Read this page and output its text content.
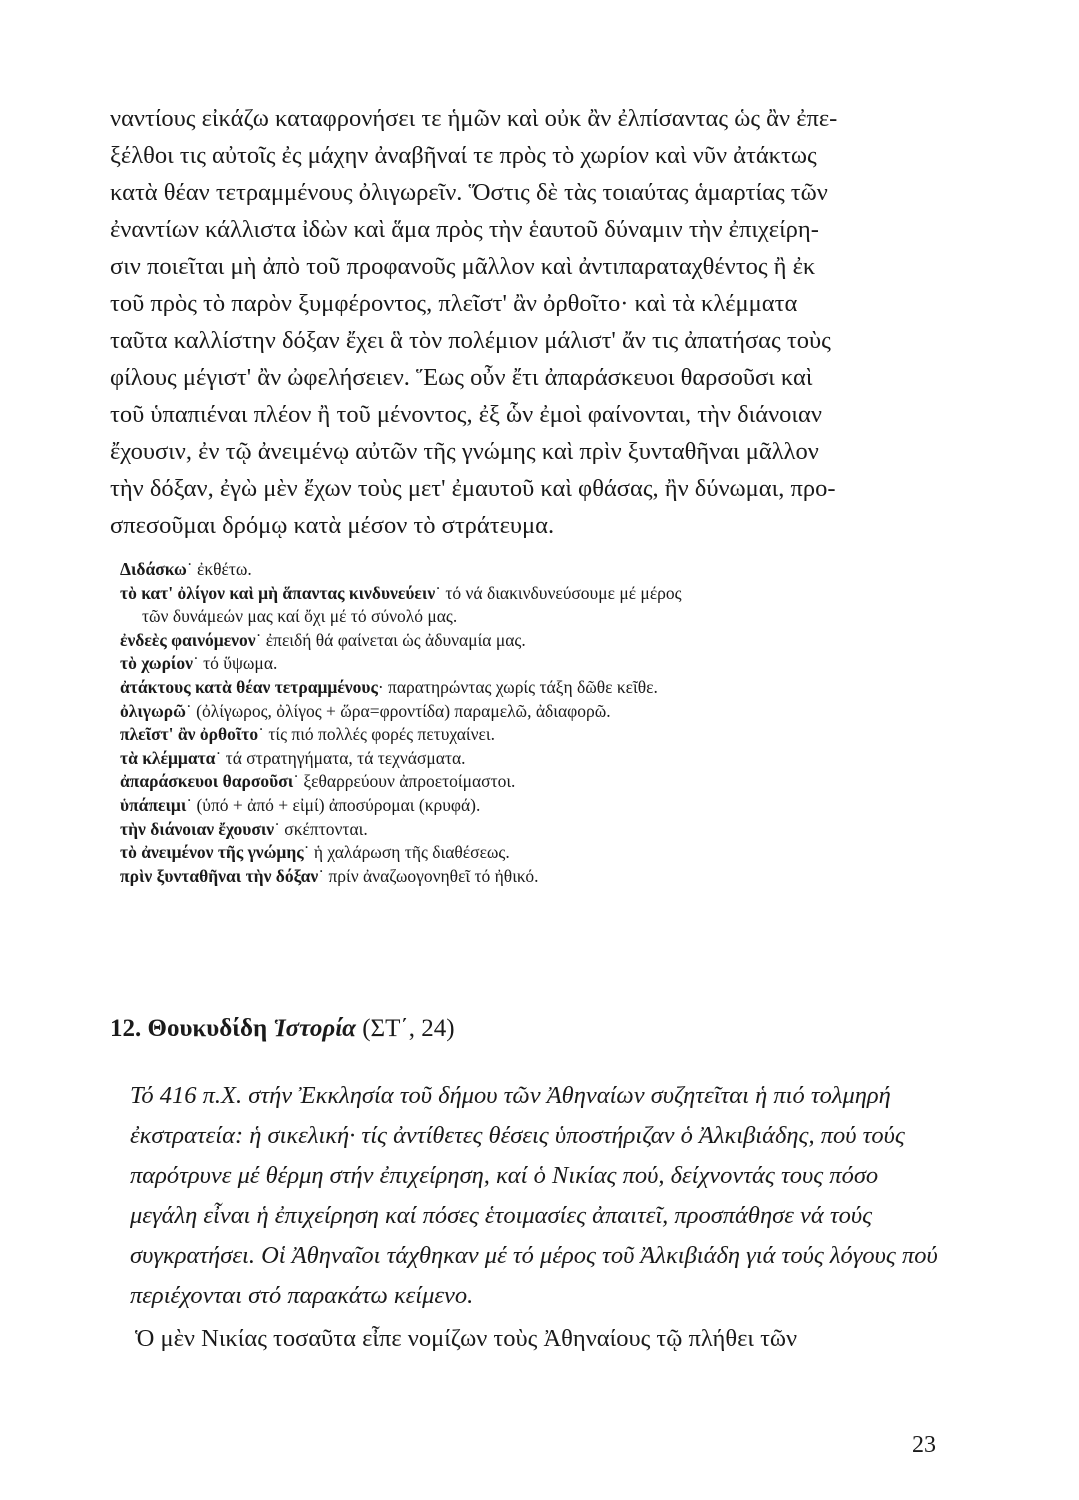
ναντίους εἰκάζω καταφρονήσει τε ἡμῶν καὶ οὐκ ἂν ἐλπίσαντας ὡς ἂν ἐπε-
ξέλθοι τις αὐτοῖς ἐς μάχην ἀναβῆναί τε πρὸς τὸ χωρίον καὶ νῦν ἀτάκτως
κατὰ θέαν τετραμμένους ὀλιγωρεῖν. Ὅστις δὲ τὰς τοιαύτας ἁμαρτίας τῶν
ἐναντίων κάλλιστα ἰδὼν καὶ ἅμα πρὸς τὴν ἑαυτοῦ δύναμιν τὴν ἐπιχείρη-
σιν ποιεῖται μὴ ἀπὸ τοῦ προφανοῦς μᾶλλον καὶ ἀντιπαραταχθέντος ἢ ἐκ
τοῦ πρὸς τὸ παρὸν ξυμφέροντος, πλεῖστ' ἂν ὀρθοῖτο· καὶ τὰ κλέμματα
ταῦτα καλλίστην δόξαν ἔχει ἃ τὸν πολέμιον μάλιστ' ἄν τις ἀπατήσας τοὺς
φίλους μέγιστ' ἂν ὠφελήσειεν. Ἕως οὖν ἔτι ἀπαράσκευοι θαρσοῦσι καὶ
τοῦ ὑπαπιέναι πλέον ἢ τοῦ μένοντος, ἐξ ὧν ἐμοὶ φαίνονται, τὴν διάνοιαν
ἔχουσιν, ἐν τῷ ἀνειμένῳ αὐτῶν τῆς γνώμης καὶ πρὶν ξυνταθῆναι μᾶλλον
τὴν δόξαν, ἐγὼ μὲν ἔχων τοὺς μετ' ἐμαυτοῦ καὶ φθάσας, ἢν δύνωμαι, προ-
σπεσοῦμαι δρόμῳ κατὰ μέσον τὸ στράτευμα.
Διδάσκω˙ ἐκθέτω.
τὸ κατ' ὀλίγον καὶ μὴ ἅπαντας κινδυνεύειν˙ τό νά διακινδυνεύσουμε μέ μέρος
τῶν δυνάμεών μας καί ὄχι μέ τό σύνολό μας.
ἐνδεὲς φαινόμενον˙ ἐπειδή θά φαίνεται ὡς ἀδυναμία μας.
τὸ χωρίον˙ τό ὕψωμα.
ἀτάκτους κατὰ θέαν τετραμμένους· παρατηρώντας χωρίς τάξη δῶθε κεῖθε.
ὀλιγωρῶ˙ (ὀλίγωρος, ὀλίγος + ὥρα=φροντίδα) παραμελῶ, ἀδιαφορῶ.
πλεῖστ' ἂν ὀρθοῖτο˙ τίς πιό πολλές φορές πετυχαίνει.
τὰ κλέμματα˙ τά στρατηγήματα, τά τεχνάσματα.
ἀπαράσκευοι θαρσοῦσι˙ ξεθαρρεύουν ἀπροετοίμαστοι.
ὑπάπειμι˙ (ὑπό + ἀπό + εἰμί) ἀποσύρομαι (κρυφά).
τὴν διάνοιαν ἔχουσιν˙ σκέπτονται.
τὸ ἀνειμένον τῆς γνώμης˙ ἡ χαλάρωση τῆς διαθέσεως.
πρὶν ξυνταθῆναι τὴν δόξαν˙ πρίν ἀναζωογονηθεῖ τό ἠθικό.
12. Θουκυδίδη Ἱστορία (ΣΤ΄, 24)

Τό 416 π.Χ. στήν Ἐκκλησία τοῦ δήμου τῶν Ἀθηναίων συζητεῖται ἡ πιό τολμηρή ἐκστρατεία: ἡ σικελική· τίς ἀντίθετες θέσεις ὑποστήριζαν ὁ Ἀλκιβιάδης, πού τούς παρότρυνε μέ θέρμη στήν ἐπιχείρηση, καί ὁ Νικίας πού, δείχνοντάς τους πόσο μεγάλη εἶναι ἡ ἐπιχείρηση καί πόσες ἑτοιμασίες ἀπαιτεῖ, προσπάθησε νά τούς συγκρατήσει. Οἱ Ἀθηναῖοι τάχθηκαν μέ τό μέρος τοῦ Ἀλκιβιάδη γιά τούς λόγους πού περιέχονται στό παρακάτω κείμενο.

Ὁ μὲν Νικίας τοσαῦτα εἶπε νομίζων τοὺς Ἀθηναίους τῷ πλήθει τῶν

23
